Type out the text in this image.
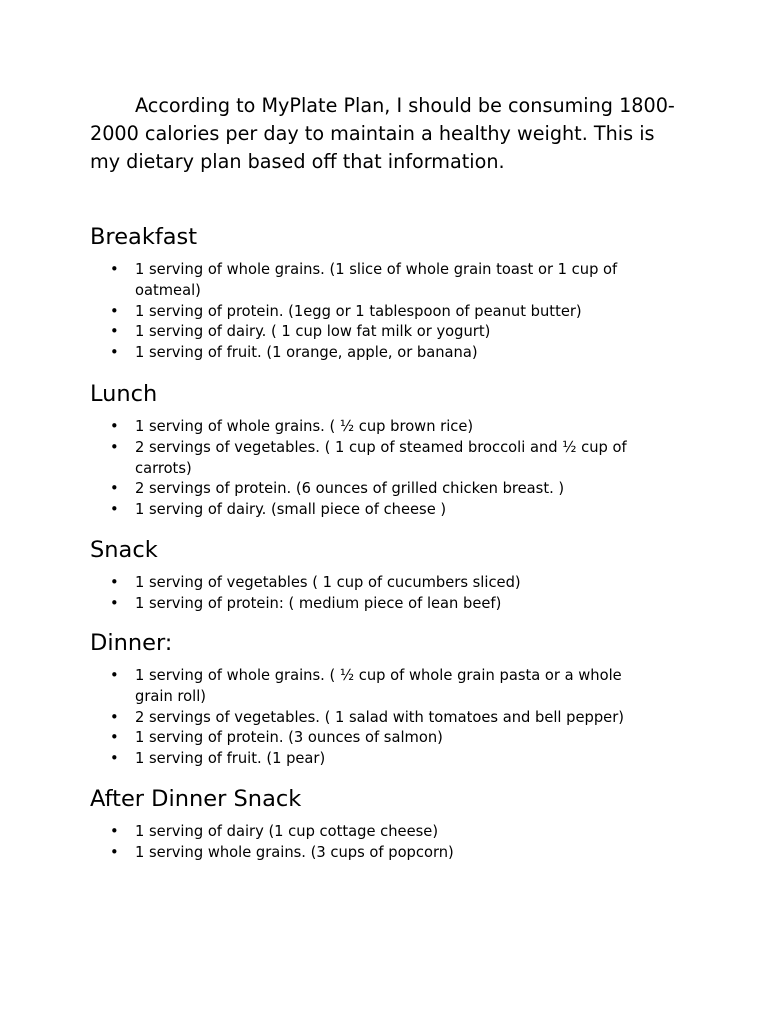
According to MyPlate Plan, I should be consuming 1800-2000 calories per day to maintain a healthy weight. This is my dietary plan based off that information.

Breakfast
• 1 serving of whole grains. (1 slice of whole grain toast or 1 cup of oatmeal)
• 1 serving of protein. (1egg or 1 tablespoon of peanut butter)
• 1 serving of dairy. ( 1 cup low fat milk or yogurt)
• 1 serving of fruit. (1 orange, apple, or banana)
Lunch
• 1 serving of whole grains. ( ½ cup brown rice)
• 2 servings of vegetables. ( 1 cup of steamed broccoli and ½ cup of carrots)
• 2 servings of protein. (6 ounces of grilled chicken breast. )
• 1 serving of dairy. (small piece of cheese )
Snack
• 1 serving of vegetables ( 1 cup of cucumbers sliced)
• 1 serving of protein: ( medium piece of lean beef)
Dinner:
• 1 serving of whole grains. ( ½ cup of whole grain pasta or a whole grain roll)
• 2 servings of vegetables. ( 1 salad with tomatoes and bell pepper)
• 1 serving of protein. (3 ounces of salmon)
• 1 serving of fruit. (1 pear)
After Dinner Snack
• 1 serving of dairy (1 cup cottage cheese)
• 1 serving whole grains. (3 cups of popcorn)
